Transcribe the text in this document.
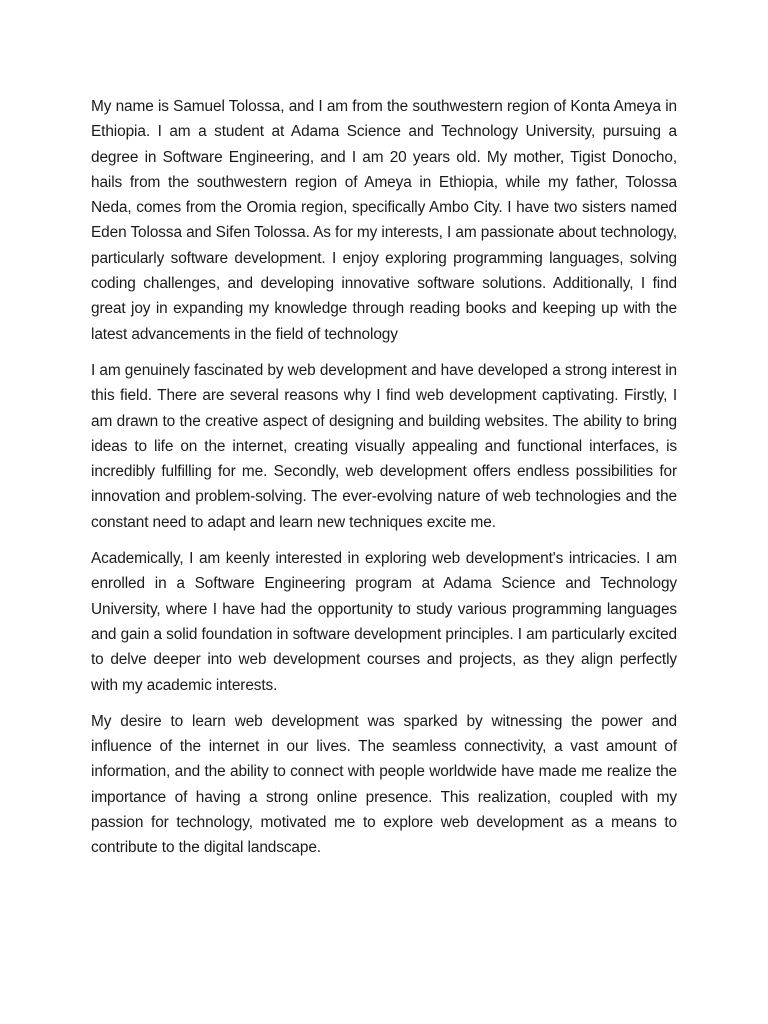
My name is Samuel Tolossa, and I am from the southwestern region of Konta Ameya in Ethiopia. I am a student at Adama Science and Technology University, pursuing a degree in Software Engineering, and I am 20 years old. My mother, Tigist Donocho, hails from the southwestern region of Ameya in Ethiopia, while my father, Tolossa Neda, comes from the Oromia region, specifically Ambo City. I have two sisters named Eden Tolossa and Sifen Tolossa. As for my interests, I am passionate about technology, particularly software development. I enjoy exploring programming languages, solving coding challenges, and developing innovative software solutions. Additionally, I find great joy in expanding my knowledge through reading books and keeping up with the latest advancements in the field of technology

I am genuinely fascinated by web development and have developed a strong interest in this field. There are several reasons why I find web development captivating. Firstly, I am drawn to the creative aspect of designing and building websites. The ability to bring ideas to life on the internet, creating visually appealing and functional interfaces, is incredibly fulfilling for me. Secondly, web development offers endless possibilities for innovation and problem-solving. The ever-evolving nature of web technologies and the constant need to adapt and learn new techniques excite me.

Academically, I am keenly interested in exploring web development's intricacies. I am enrolled in a Software Engineering program at Adama Science and Technology University, where I have had the opportunity to study various programming languages and gain a solid foundation in software development principles. I am particularly excited to delve deeper into web development courses and projects, as they align perfectly with my academic interests.

My desire to learn web development was sparked by witnessing the power and influence of the internet in our lives. The seamless connectivity, a vast amount of information, and the ability to connect with people worldwide have made me realize the importance of having a strong online presence. This realization, coupled with my passion for technology, motivated me to explore web development as a means to contribute to the digital landscape.
